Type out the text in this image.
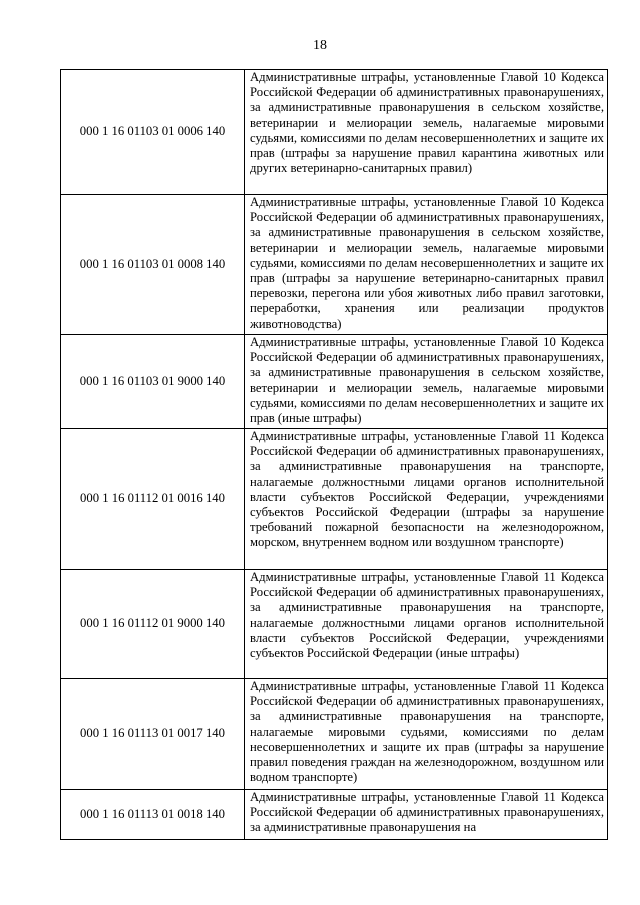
18
000 1 16 01103 01 0006 140	Административные штрафы, установленные Главой 10 Кодекса Российской Федерации об административных правонарушениях, за административные правонарушения в сельском хозяйстве, ветеринарии и мелиорации земель, налагаемые мировыми судьями, комиссиями по делам несовершеннолетних и защите их прав (штрафы за нарушение правил карантина животных или других ветеринарно-санитарных правил)
000 1 16 01103 01 0008 140	Административные штрафы, установленные Главой 10 Кодекса Российской Федерации об административных правонарушениях, за административные правонарушения в сельском хозяйстве, ветеринарии и мелиорации земель, налагаемые мировыми судьями, комиссиями по делам несовершеннолетних и защите их прав (штрафы за нарушение ветеринарно-санитарных правил перевозки, перегона или убоя животных либо правил заготовки, переработки, хранения или реализации продуктов животноводства)
000 1 16 01103 01 9000 140	Административные штрафы, установленные Главой 10 Кодекса Российской Федерации об административных правонарушениях, за административные правонарушения в сельском хозяйстве, ветеринарии и мелиорации земель, налагаемые мировыми судьями, комиссиями по делам несовершеннолетних и защите их прав (иные штрафы)
000 1 16 01112 01 0016 140	Административные штрафы, установленные Главой 11 Кодекса Российской Федерации об административных правонарушениях, за административные правонарушения на транспорте, налагаемые должностными лицами органов исполнительной власти субъектов Российской Федерации, учреждениями субъектов Российской Федерации (штрафы за нарушение требований пожарной безопасности на железнодорожном, морском, внутреннем водном или воздушном транспорте)
000 1 16 01112 01 9000 140	Административные штрафы, установленные Главой 11 Кодекса Российской Федерации об административных правонарушениях, за административные правонарушения на транспорте, налагаемые должностными лицами органов исполнительной власти субъектов Российской Федерации, учреждениями субъектов Российской Федерации (иные штрафы)
000 1 16 01113 01 0017 140	Административные штрафы, установленные Главой 11 Кодекса Российской Федерации об административных правонарушениях, за административные правонарушения на транспорте, налагаемые мировыми судьями, комиссиями по делам несовершеннолетних и защите их прав (штрафы за нарушение правил поведения граждан на железнодорожном, воздушном или водном транспорте)
000 1 16 01113 01 0018 140	Административные штрафы, установленные Главой 11 Кодекса Российской Федерации об административных правонарушениях, за административные правонарушения на
